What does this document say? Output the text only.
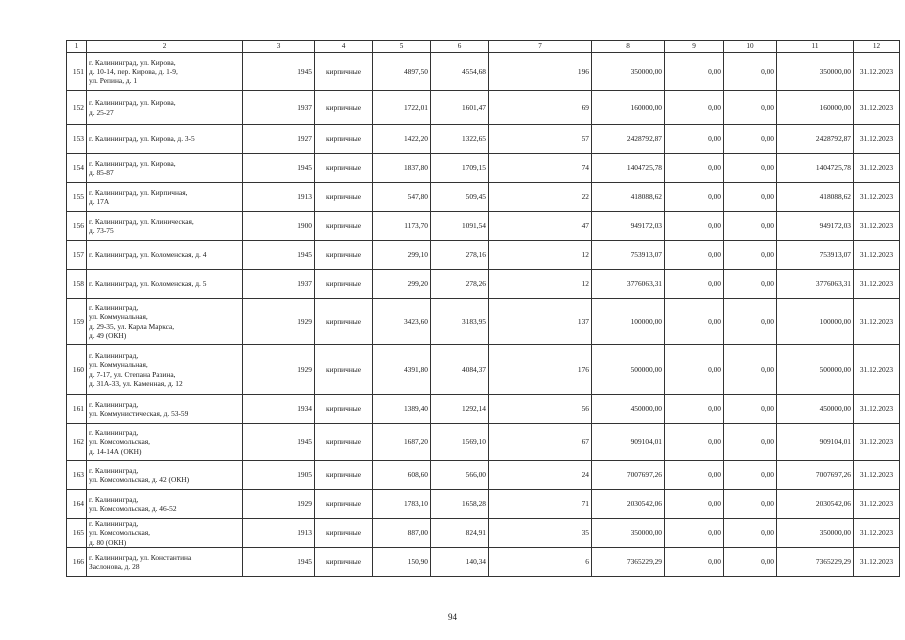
1	2	3	4	5	6	7	8	9	10	11	12
151	г. Калининград, ул. Кирова,
д. 10-14, пер. Кирова, д. 1-9,
ул. Репина, д. 1	1945	кирпичные	4897,50	4554,68	196	350000,00	0,00	0,00	350000,00	31.12.2023
152	г. Калининград, ул. Кирова,
д. 25-27	1937	кирпичные	1722,01	1601,47	69	160000,00	0,00	0,00	160000,00	31.12.2023
153	г. Калининград, ул. Кирова, д. 3-5	1927	кирпичные	1422,20	1322,65	57	2428792,87	0,00	0,00	2428792,87	31.12.2023
154	г. Калининград, ул. Кирова,
д. 85-87	1945	кирпичные	1837,80	1709,15	74	1404725,78	0,00	0,00	1404725,78	31.12.2023
155	г. Калининград, ул. Кирпичная,
д. 17А	1913	кирпичные	547,80	509,45	22	418088,62	0,00	0,00	418088,62	31.12.2023
156	г. Калининград, ул. Клиническая,
д. 73-75	1900	кирпичные	1173,70	1091,54	47	949172,03	0,00	0,00	949172,03	31.12.2023
157	г. Калининград, ул. Коломенская, д. 4	1945	кирпичные	299,10	278,16	12	753913,07	0,00	0,00	753913,07	31.12.2023
158	г. Калининград, ул. Коломенская, д. 5	1937	кирпичные	299,20	278,26	12	3776063,31	0,00	0,00	3776063,31	31.12.2023
159	г. Калининград,
ул. Коммунальная,
д. 29-35, ул. Карла Маркса,
д. 49 (ОКН)	1929	кирпичные	3423,60	3183,95	137	100000,00	0,00	0,00	100000,00	31.12.2023
160	г. Калининград,
ул. Коммунальная,
д. 7-17, ул. Степана Разина,
д. 31А-33, ул. Каменная, д. 12	1929	кирпичные	4391,80	4084,37	176	500000,00	0,00	0,00	500000,00	31.12.2023
161	г. Калининград,
ул. Коммунистическая, д. 53-59	1934	кирпичные	1389,40	1292,14	56	450000,00	0,00	0,00	450000,00	31.12.2023
162	г. Калининград,
ул. Комсомольская,
д. 14-14А (ОКН)	1945	кирпичные	1687,20	1569,10	67	909104,01	0,00	0,00	909104,01	31.12.2023
163	г. Калининград,
ул. Комсомольская, д. 42 (ОКН)	1905	кирпичные	608,60	566,00	24	7007697,26	0,00	0,00	7007697,26	31.12.2023
164	г. Калининград,
ул. Комсомольская, д. 46-52	1929	кирпичные	1783,10	1658,28	71	2030542,06	0,00	0,00	2030542,06	31.12.2023
165	г. Калининград,
ул. Комсомольская,
д. 80 (ОКН)	1913	кирпичные	887,00	824,91	35	350000,00	0,00	0,00	350000,00	31.12.2023
166	г. Калининград, ул. Константина
Заслонова, д. 28	1945	кирпичные	150,90	140,34	6	7365229,29	0,00	0,00	7365229,29	31.12.2023
94
